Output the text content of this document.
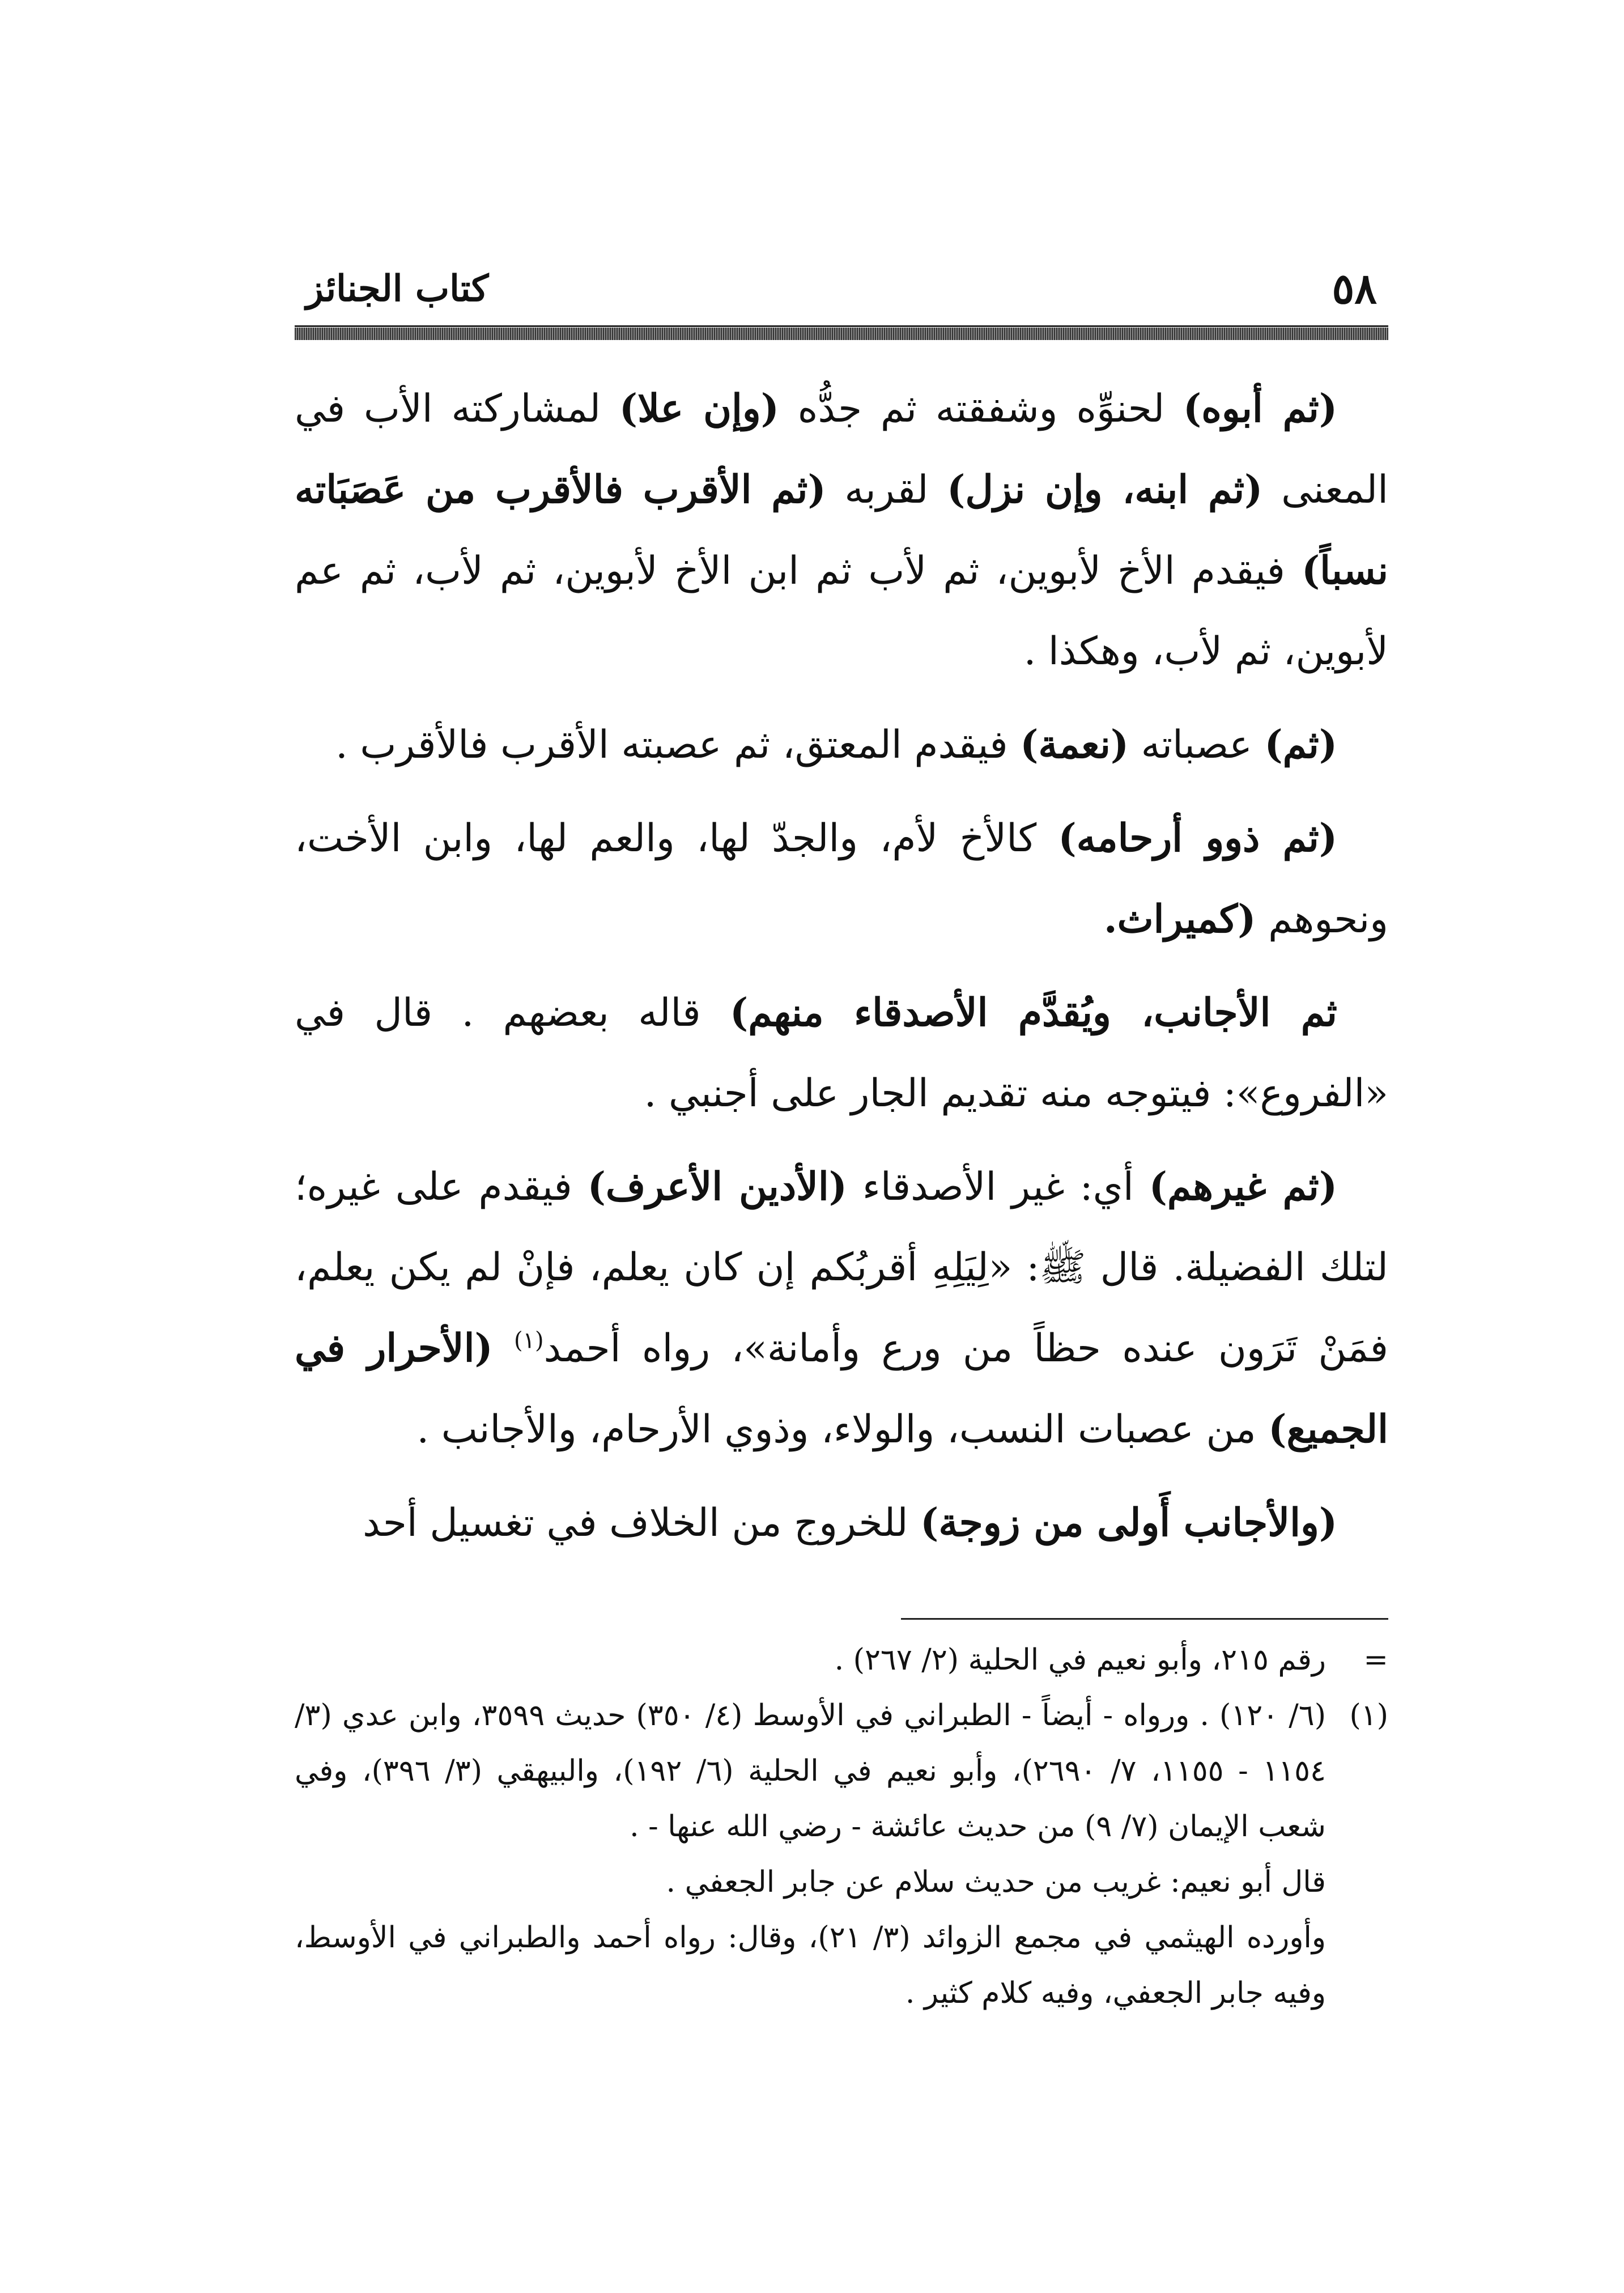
٥٨
كتاب الجنائز

(ثم أبوه) لحنوِّه وشفقته ثم جدُّه (وإن علا) لمشاركته الأب في المعنى (ثم ابنه، وإن نزل) لقربه (ثم الأقرب فالأقرب من عَصَبَاته نسباً) فيقدم الأخ لأبوين، ثم لأب ثم ابن الأخ لأبوين، ثم لأب، ثم عم لأبوين، ثم لأب، وهكذا .

(ثم) عصباته (نعمة) فيقدم المعتق، ثم عصبته الأقرب فالأقرب .

(ثم ذوو أرحامه) كالأخ لأم، والجدّ لها، والعم لها، وابن الأخت، ونحوهم (كميراث.

ثم الأجانب، ويُقدَّم الأصدقاء منهم) قاله بعضهم . قال في «الفروع»: فيتوجه منه تقديم الجار على أجنبي .

(ثم غيرهم) أي: غير الأصدقاء (الأدين الأعرف) فيقدم على غيره؛ لتلك الفضيلة. قال ﷺ: «لِيَلِهِ أقربُكم إن كان يعلم، فإنْ لم يكن يعلم، فمَنْ تَرَون عنده حظاً من ورع وأمانة»، رواه أحمد$^{(١)}$ (الأحرار في الجميع) من عصبات النسب، والولاء، وذوي الأرحام، والأجانب .

(والأجانب أَولى من زوجة) للخروج من الخلاف في تغسيل أحد

=
رقم ٢١٥، وأبو نعيم في الحلية (٢/ ٢٦٧) .

(١)
(٦/ ١٢٠) . ورواه - أيضاً - الطبراني في الأوسط (٤/ ٣٥٠) حديث ٣٥٩٩، وابن عدي (٣/ ١١٥٤ - ١١٥٥، ٧/ ٢٦٩٠)، وأبو نعيم في الحلية (٦/ ١٩٢)، والبيهقي (٣/ ٣٩٦)، وفي شعب الإيمان (٧/ ٩) من حديث عائشة - رضي الله عنها - .

قال أبو نعيم: غريب من حديث سلام عن جابر الجعفي .

وأورده الهيثمي في مجمع الزوائد (٣/ ٢١)، وقال: رواه أحمد والطبراني في الأوسط، وفيه جابر الجعفي، وفيه كلام كثير .
